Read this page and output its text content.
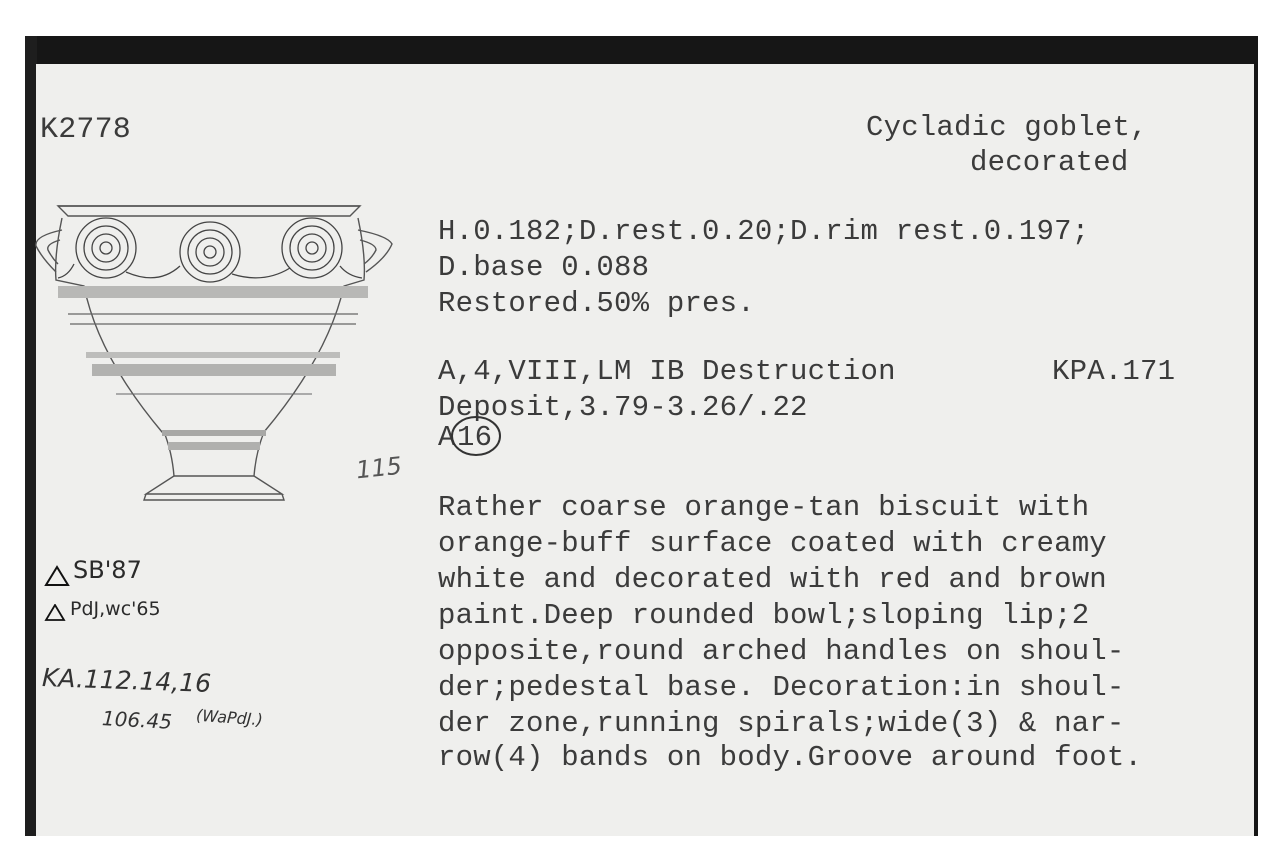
K2778	Cycladic goblet,

decorated

H.0.182;D.rest.0.20;D.rim rest.0.197;

D.base 0.088

Restored.50% pres.

A,4,VIII,LM IB Destruction	KPA.171

Deposit,3.79-3.26/.22

A 16

115

Rather coarse orange-tan biscuit with

orange-buff surface coated with creamy

white and decorated with red and brown

paint.Deep rounded bowl;sloping lip;2

opposite,round arched handles on shoul-

der;pedestal base. Decoration:in shoul-

der zone,running spirals;wide(3) & nar-

row(4) bands on body.Groove around foot.

SB'87

PdJ,wc'65

KA.112.14,16

106.45 (WaPdJ.)
